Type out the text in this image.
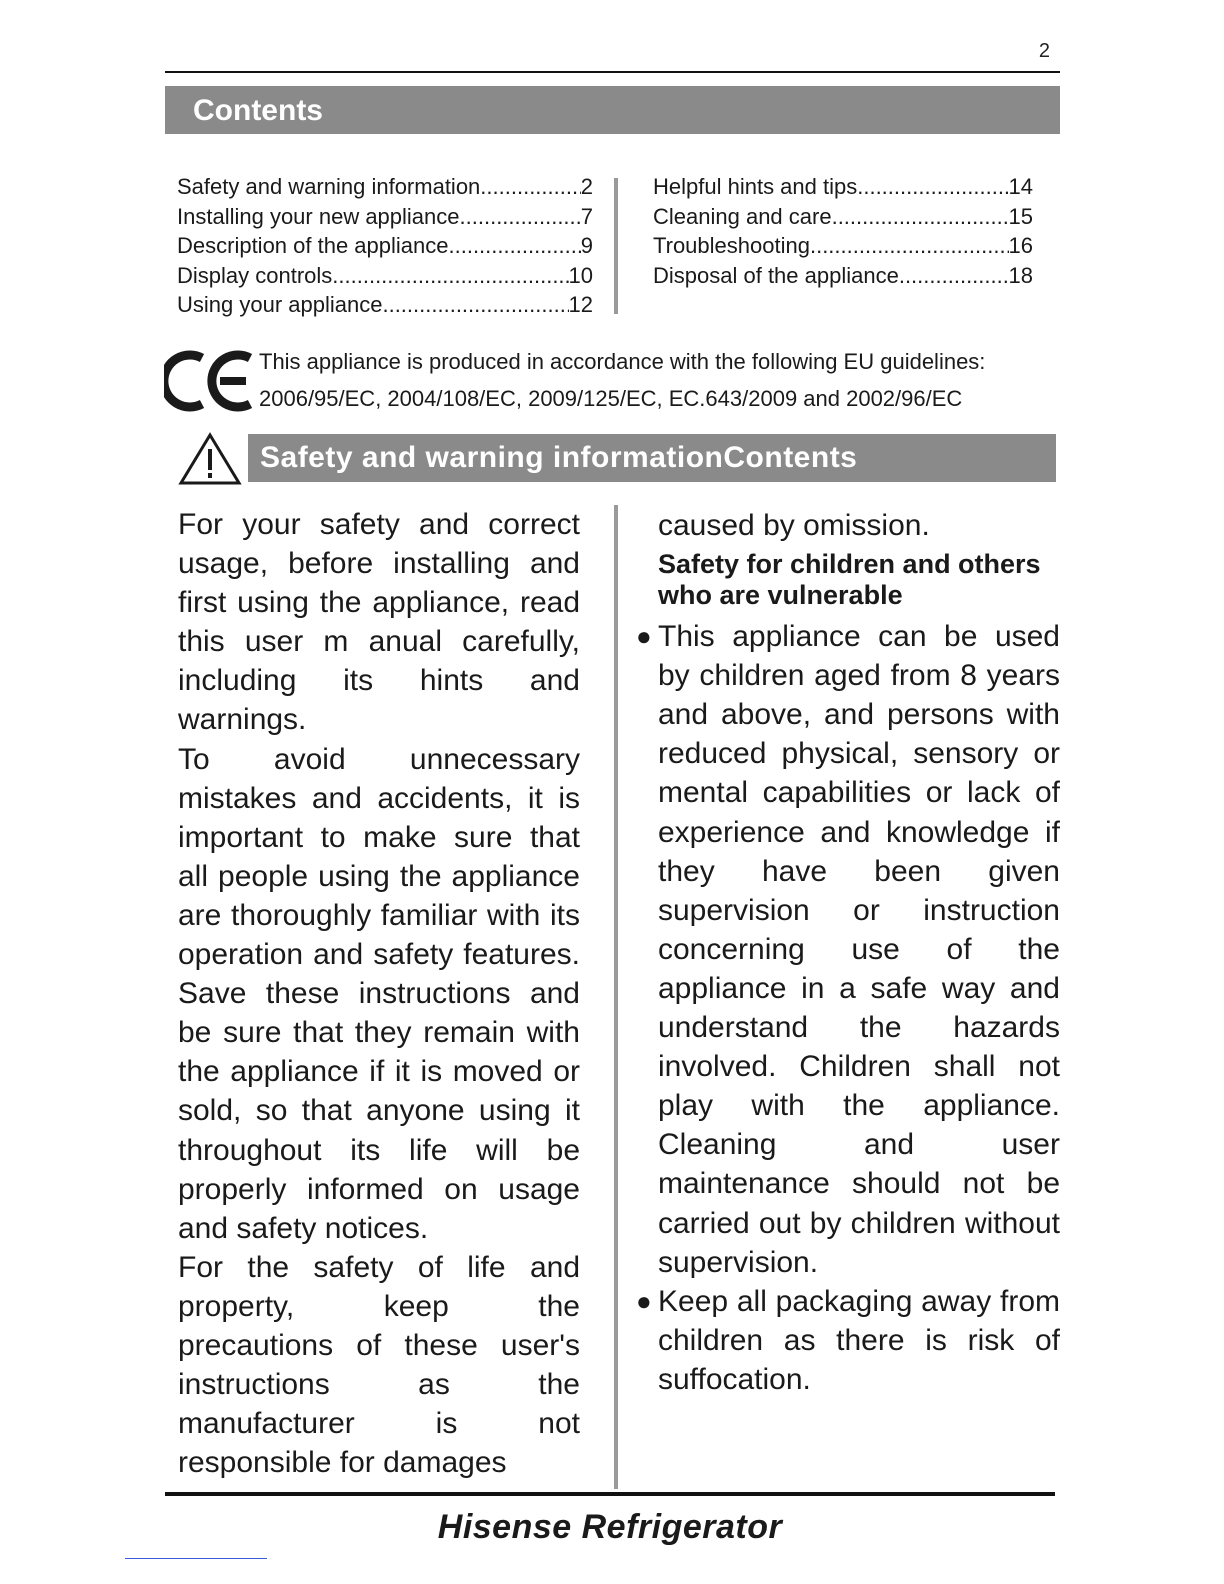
2
Contents
Safety and warning information .....	2
Installing your new appliance .....	7
Description of the appliance .....	9
Display controls .....	10
Using your appliance .....	12
Helpful hints and tips .....	14
Cleaning and care .....	15
Troubleshooting .....	16
Disposal of the appliance .....	18
This appliance is produced in accordance with the following EU guidelines:
2006/95/EC, 2004/108/EC, 2009/125/EC, EC.643/2009 and 2002/96/EC
Safety and warning informationContents

For your safety and correct usage, before installing and first using the appliance, read this user m anual carefully, including its hints and warnings.

To avoid unnecessary mistakes and accidents, it is important to make sure that all people using the appliance are thoroughly familiar with its operation and safety features. Save these instructions and be sure that they remain with the appliance if it is moved or sold, so that anyone using it throughout its life will be properly informed on usage and safety notices.

For the safety of life and property, keep the precautions of these user's instructions as the manufacturer is not responsible for damages

caused by omission.

Safety for children and others who are vulnerable

● This appliance can be used by children aged from 8 years and above, and persons with reduced physical, sensory or mental capabilities or lack of experience and knowledge if they have been given supervision or instruction concerning use of the appliance in a safe way and understand the hazards involved. Children shall not play with the appliance. Cleaning and user maintenance should not be carried out by children without supervision.

● Keep all packaging away from children as there is risk of suffocation.

Hisense Refrigerator
